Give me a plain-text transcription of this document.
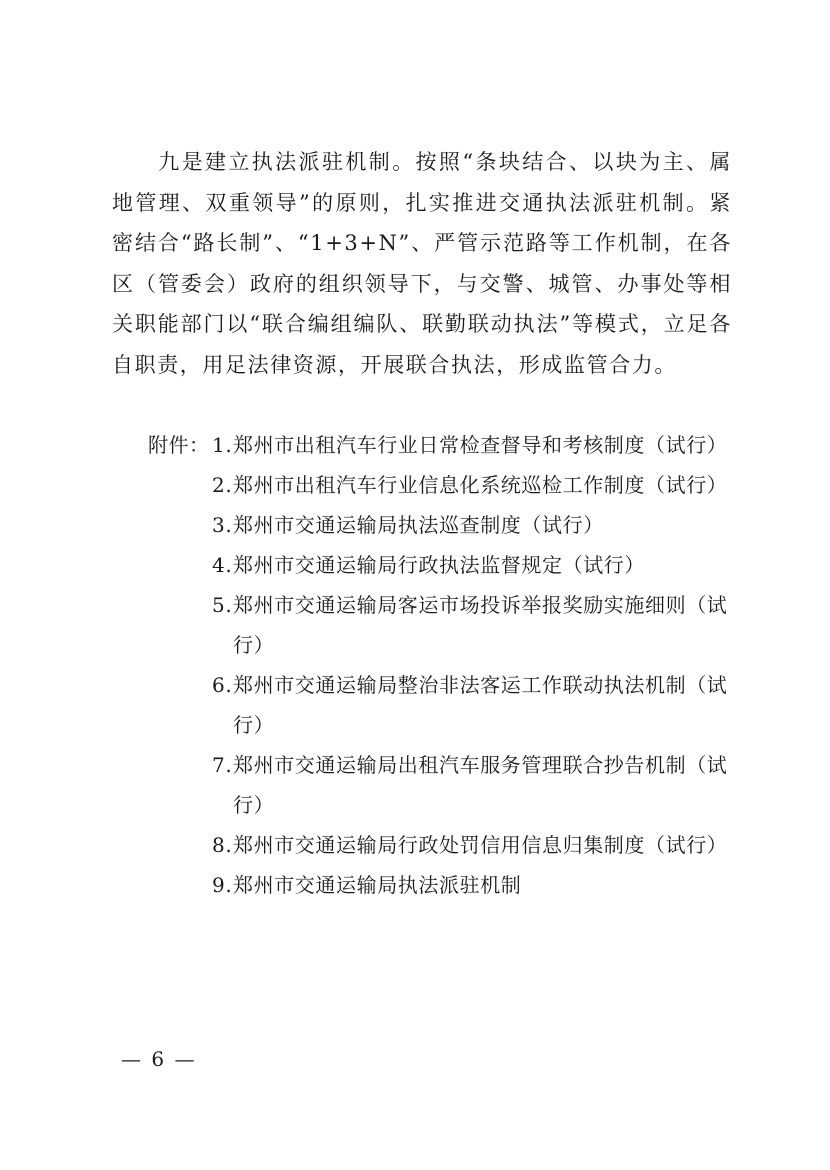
九是建立执法派驻机制。按照“条块结合、以块为主、属地管理、双重领导”的原则，扎实推进交通执法派驻机制。紧密结合“路长制”、“1+3+N”、严管示范路等工作机制，在各区（管委会）政府的组织领导下，与交警、城管、办事处等相关职能部门以“联合编组编队、联勤联动执法”等模式，立足各自职责，用足法律资源，开展联合执法，形成监管合力。

附件： 1.郑州市出租汽车行业日常检查督导和考核制度（试行）
2.郑州市出租汽车行业信息化系统巡检工作制度（试行）
3.郑州市交通运输局执法巡查制度（试行）
4.郑州市交通运输局行政执法监督规定（试行）
5.郑州市交通运输局客运市场投诉举报奖励实施细则（试行）
6.郑州市交通运输局整治非法客运工作联动执法机制（试行）
7.郑州市交通运输局出租汽车服务管理联合抄告机制（试行）
8.郑州市交通运输局行政处罚信用信息归集制度（试行）
9.郑州市交通运输局执法派驻机制
— 6 —
